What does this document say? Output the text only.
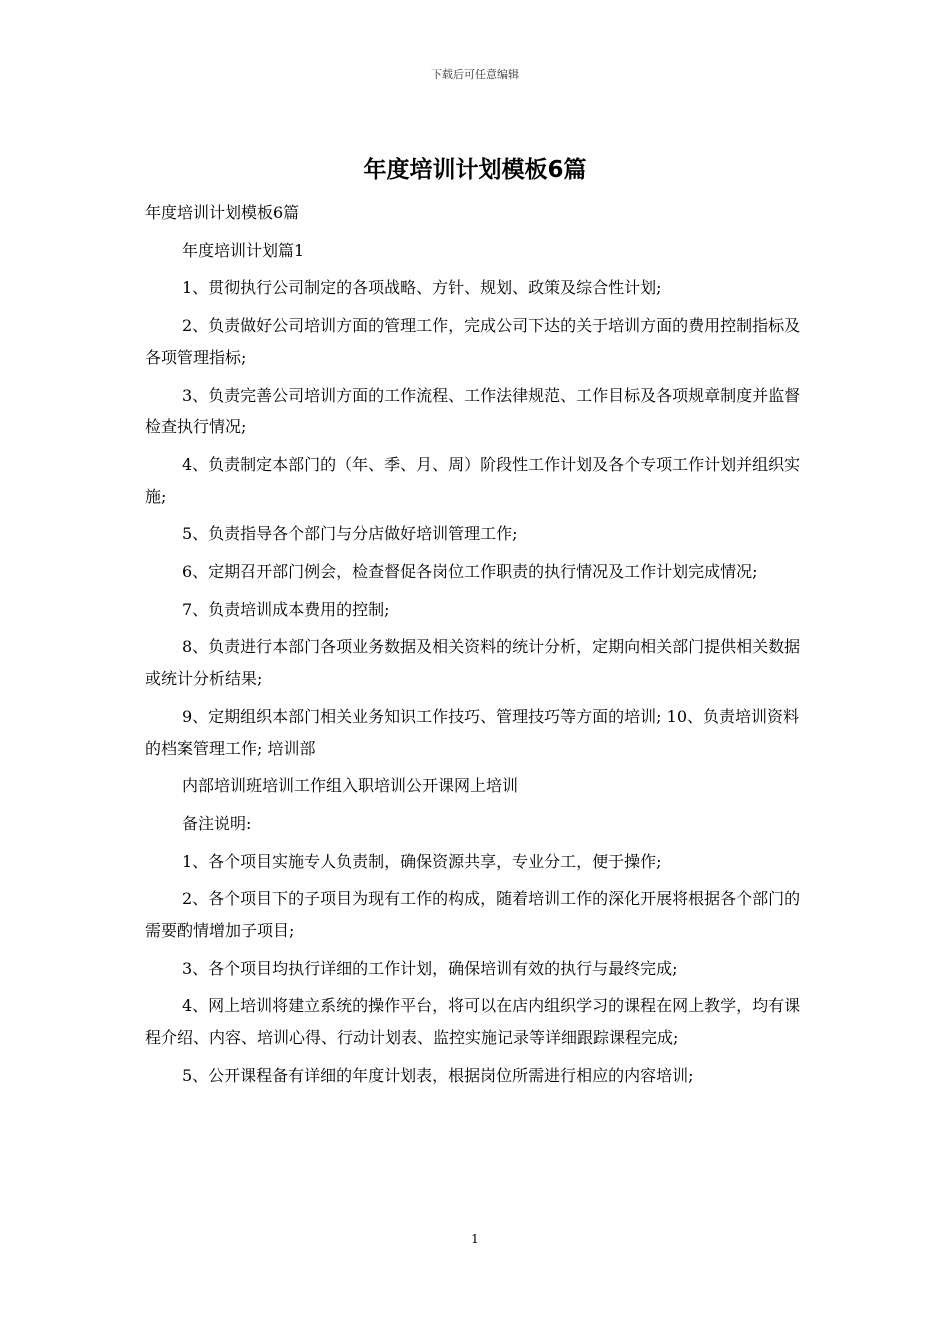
下载后可任意编辑
年度培训计划模板6篇

年度培训计划模板6篇

年度培训计划篇1

1、贯彻执行公司制定的各项战略、方针、规划、政策及综合性计划;

2、负责做好公司培训方面的管理工作，完成公司下达的关于培训方面的费用控制指标及各项管理指标;

3、负责完善公司培训方面的工作流程、工作法律规范、工作目标及各项规章制度并监督检查执行情况;

4、负责制定本部门的（年、季、月、周）阶段性工作计划及各个专项工作计划并组织实施;

5、负责指导各个部门与分店做好培训管理工作;

6、定期召开部门例会，检查督促各岗位工作职责的执行情况及工作计划完成情况;

7、负责培训成本费用的控制;

8、负责进行本部门各项业务数据及相关资料的统计分析，定期向相关部门提供相关数据或统计分析结果;

9、定期组织本部门相关业务知识工作技巧、管理技巧等方面的培训; 10、负责培训资料的档案管理工作; 培训部

内部培训班培训工作组入职培训公开课网上培训

备注说明:

1、各个项目实施专人负责制，确保资源共享，专业分工，便于操作;

2、各个项目下的子项目为现有工作的构成，随着培训工作的深化开展将根据各个部门的需要酌情增加子项目;

3、各个项目均执行详细的工作计划，确保培训有效的执行与最终完成;

4、网上培训将建立系统的操作平台，将可以在店内组织学习的课程在网上教学，均有课程介绍、内容、培训心得、行动计划表、监控实施记录等详细跟踪课程完成;

5、公开课程备有详细的年度计划表，根据岗位所需进行相应的内容培训;

1
